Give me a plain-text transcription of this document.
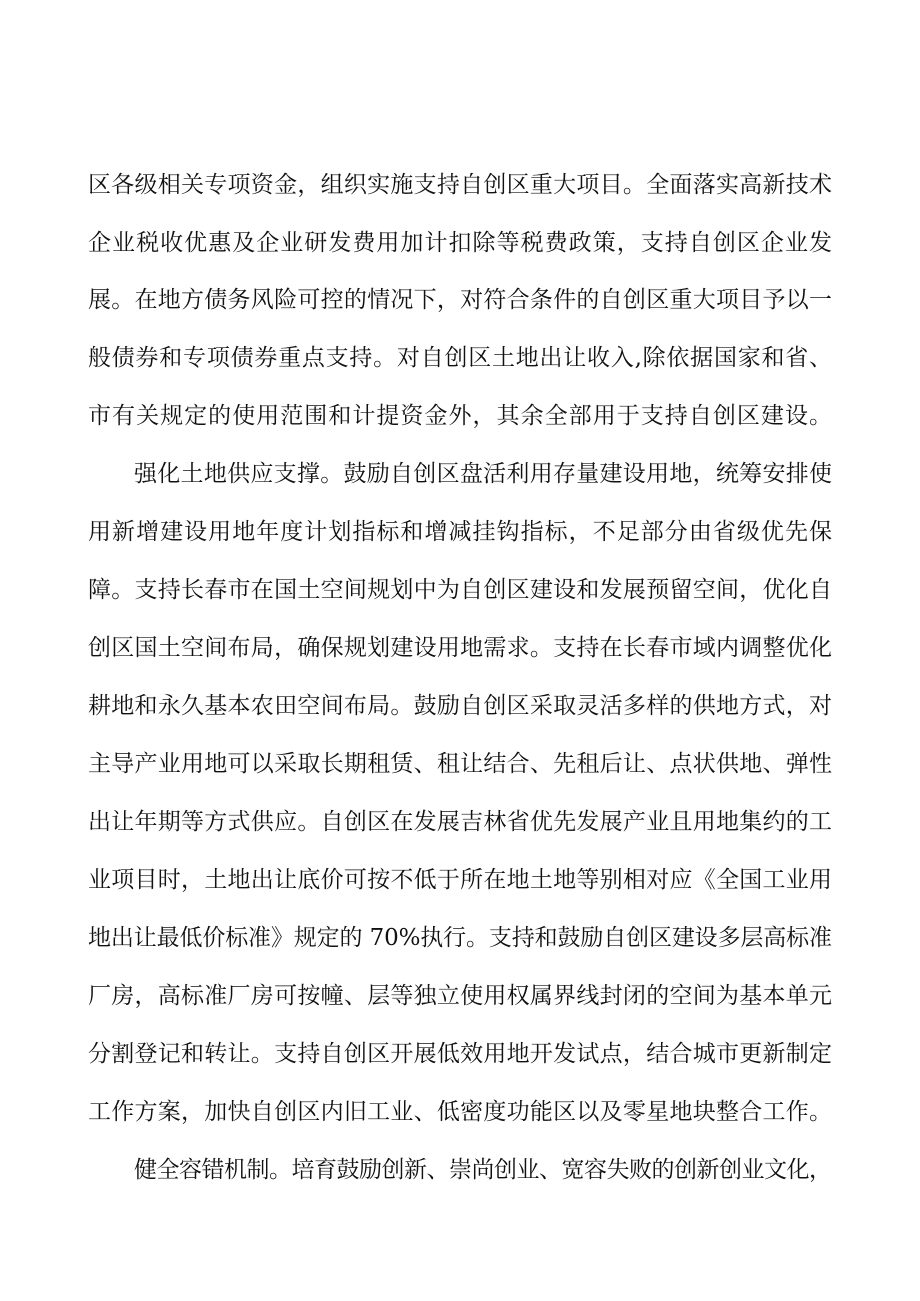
区各级相关专项资金，组织实施支持自创区重大项目。全面落实高新技术
企业税收优惠及企业研发费用加计扣除等税费政策，支持自创区企业发
展。在地方债务风险可控的情况下，对符合条件的自创区重大项目予以一
般债券和专项债券重点支持。对自创区土地出让收入,除依据国家和省、
市有关规定的使用范围和计提资金外，其余全部用于支持自创区建设。
强化土地供应支撑。鼓励自创区盘活利用存量建设用地，统筹安排使
用新增建设用地年度计划指标和增减挂钩指标，不足部分由省级优先保
障。支持长春市在国土空间规划中为自创区建设和发展预留空间，优化自
创区国土空间布局，确保规划建设用地需求。支持在长春市域内调整优化
耕地和永久基本农田空间布局。鼓励自创区采取灵活多样的供地方式，对
主导产业用地可以采取长期租赁、租让结合、先租后让、点状供地、弹性
出让年期等方式供应。自创区在发展吉林省优先发展产业且用地集约的工
业项目时，土地出让底价可按不低于所在地土地等别相对应《全国工业用
地出让最低价标准》规定的 70%执行。支持和鼓励自创区建设多层高标准
厂房，高标准厂房可按幢、层等独立使用权属界线封闭的空间为基本单元
分割登记和转让。支持自创区开展低效用地开发试点，结合城市更新制定
工作方案，加快自创区内旧工业、低密度功能区以及零星地块整合工作。
健全容错机制。培育鼓励创新、崇尚创业、宽容失败的创新创业文化，
